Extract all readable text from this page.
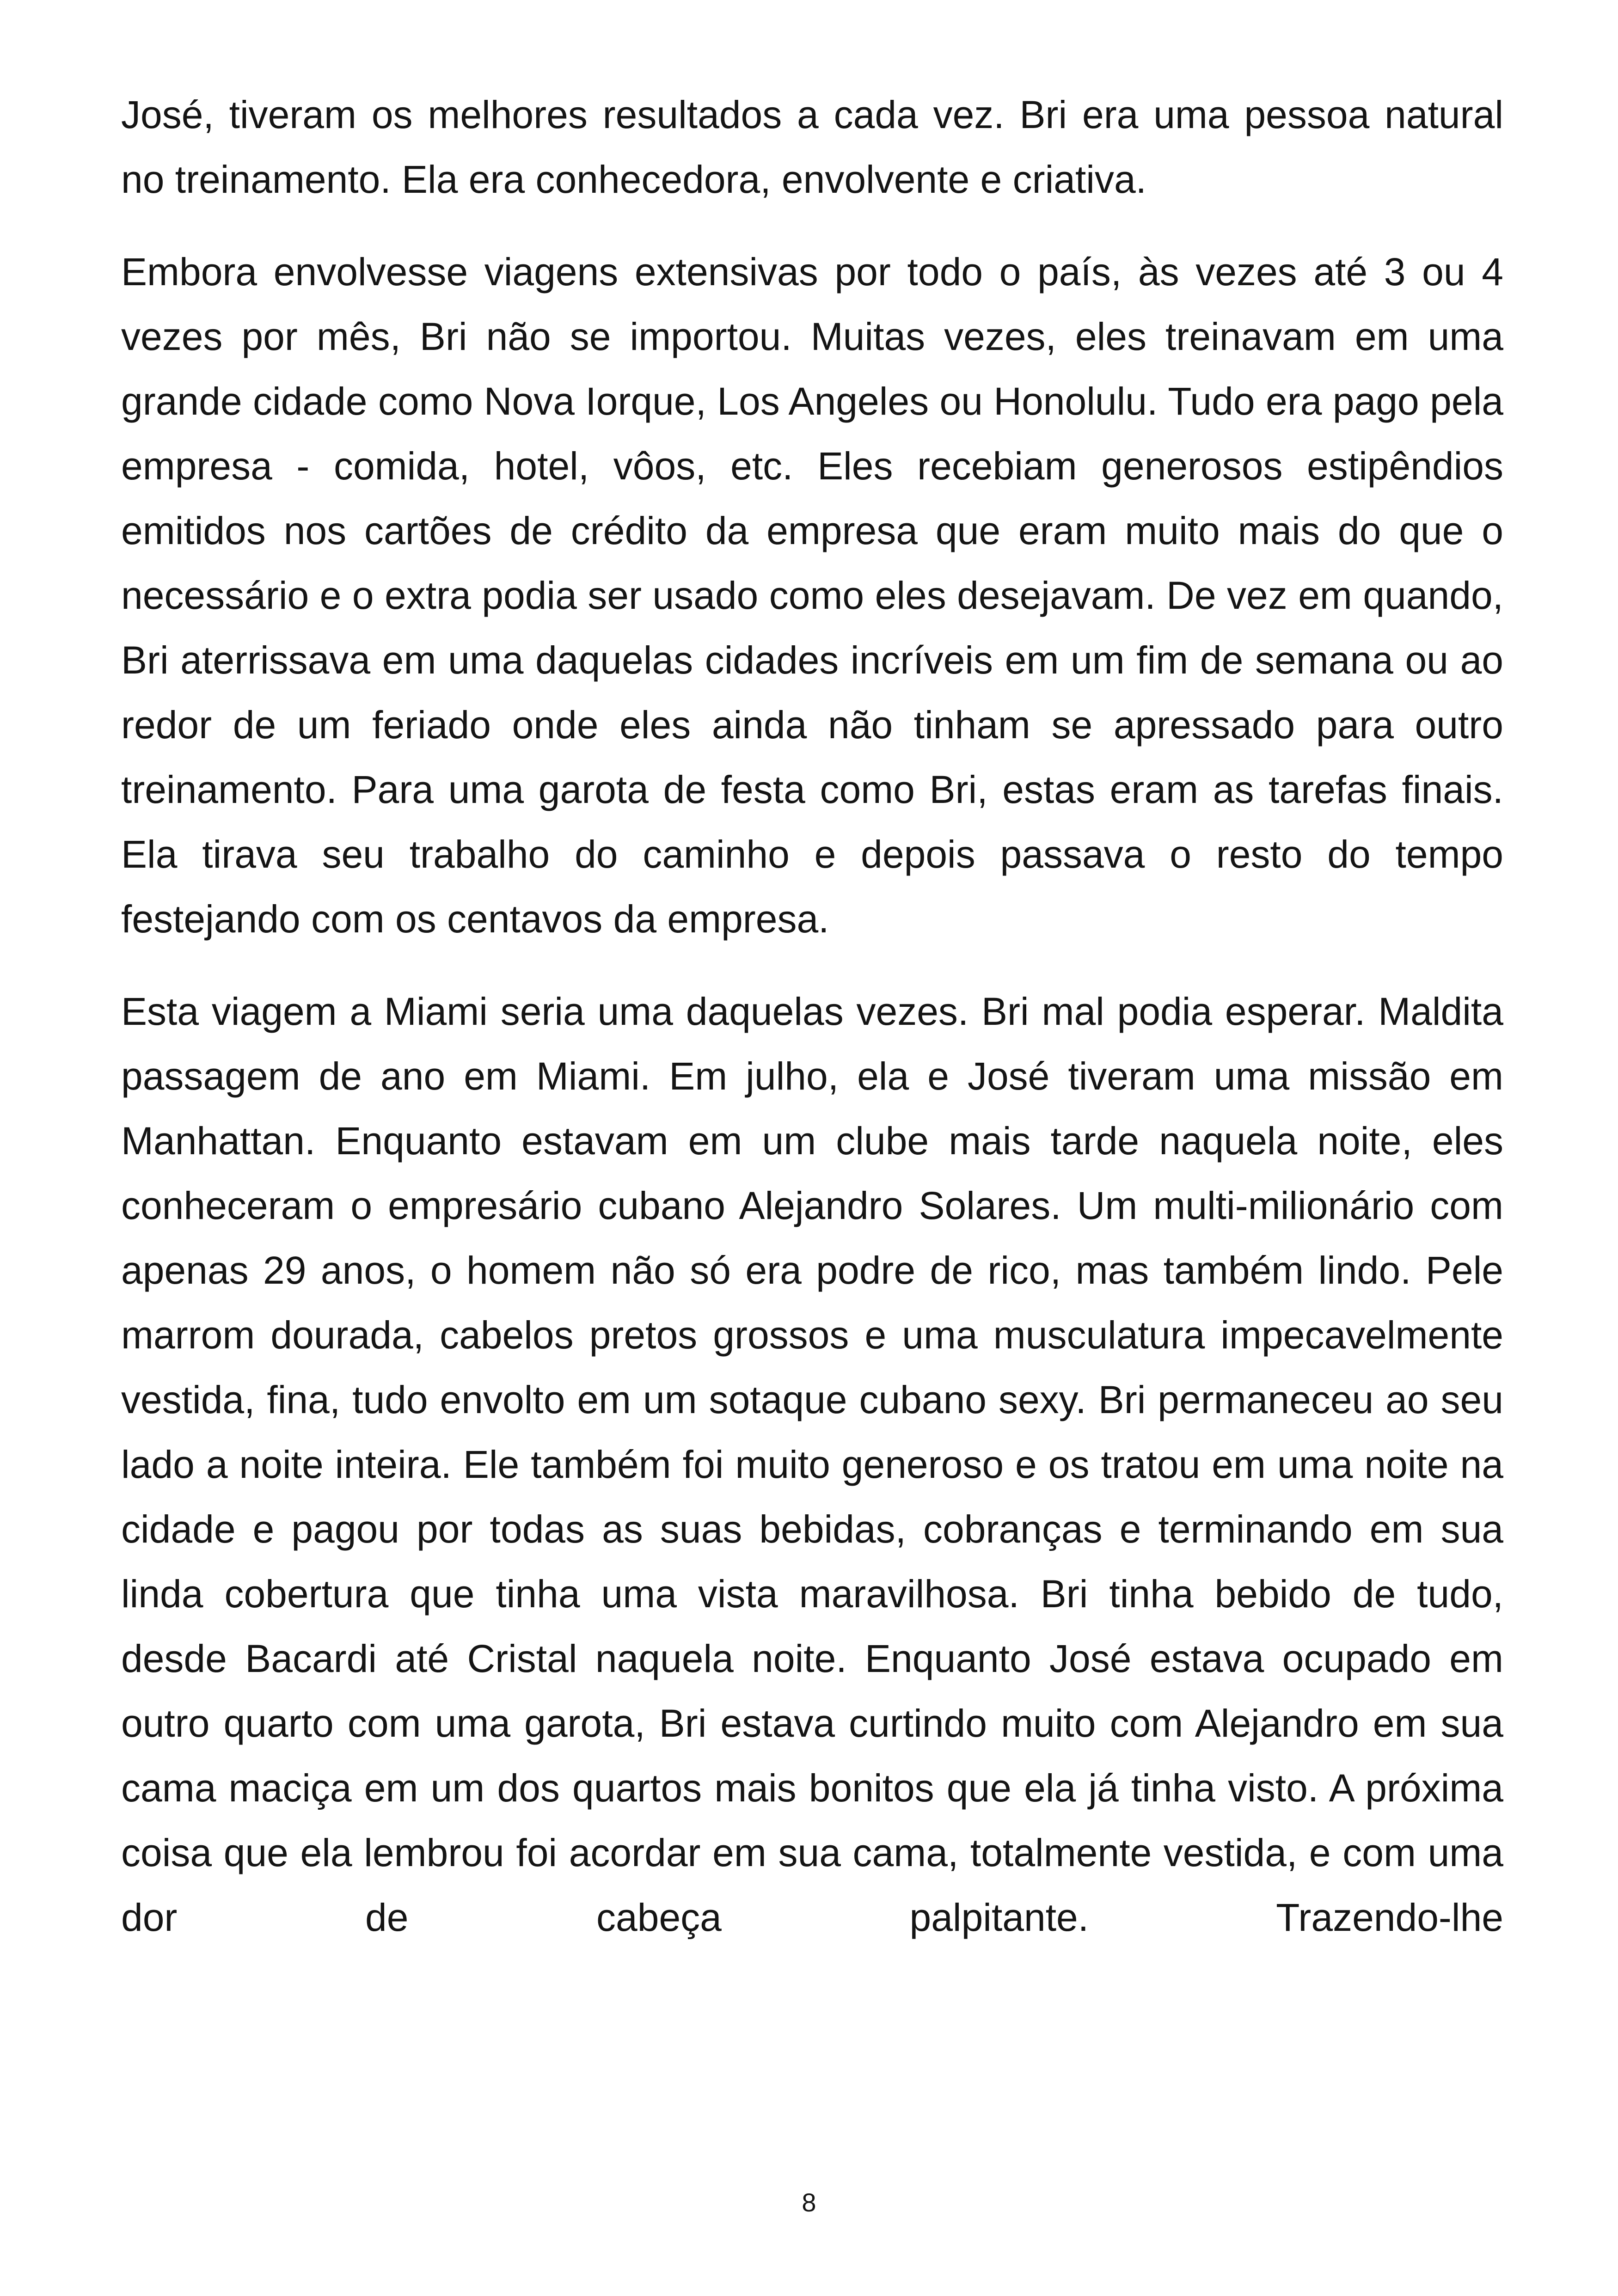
José, tiveram os melhores resultados a cada vez. Bri era uma pessoa natural no treinamento. Ela era conhecedora, envolvente e criativa.

Embora envolvesse viagens extensivas por todo o país, às vezes até 3 ou 4 vezes por mês, Bri não se importou. Muitas vezes, eles treinavam em uma grande cidade como Nova Iorque, Los Angeles ou Honolulu. Tudo era pago pela empresa - comida, hotel, vôos, etc. Eles recebiam generosos estipêndios emitidos nos cartões de crédito da empresa que eram muito mais do que o necessário e o extra podia ser usado como eles desejavam. De vez em quando, Bri aterrissava em uma daquelas cidades incríveis em um fim de semana ou ao redor de um feriado onde eles ainda não tinham se apressado para outro treinamento. Para uma garota de festa como Bri, estas eram as tarefas finais. Ela tirava seu trabalho do caminho e depois passava o resto do tempo festejando com os centavos da empresa.

Esta viagem a Miami seria uma daquelas vezes. Bri mal podia esperar. Maldita passagem de ano em Miami. Em julho, ela e José tiveram uma missão em Manhattan. Enquanto estavam em um clube mais tarde naquela noite, eles conheceram o empresário cubano Alejandro Solares. Um multi-milionário com apenas 29 anos, o homem não só era podre de rico, mas também lindo. Pele marrom dourada, cabelos pretos grossos e uma musculatura impecavelmente vestida, fina, tudo envolto em um sotaque cubano sexy. Bri permaneceu ao seu lado a noite inteira. Ele também foi muito generoso e os tratou em uma noite na cidade e pagou por todas as suas bebidas, cobranças e terminando em sua linda cobertura que tinha uma vista maravilhosa. Bri tinha bebido de tudo, desde Bacardi até Cristal naquela noite. Enquanto José estava ocupado em outro quarto com uma garota, Bri estava curtindo muito com Alejandro em sua cama maciça em um dos quartos mais bonitos que ela já tinha visto. A próxima coisa que ela lembrou foi acordar em sua cama, totalmente vestida, e com uma dor de cabeça palpitante. Trazendo-lhe

8
